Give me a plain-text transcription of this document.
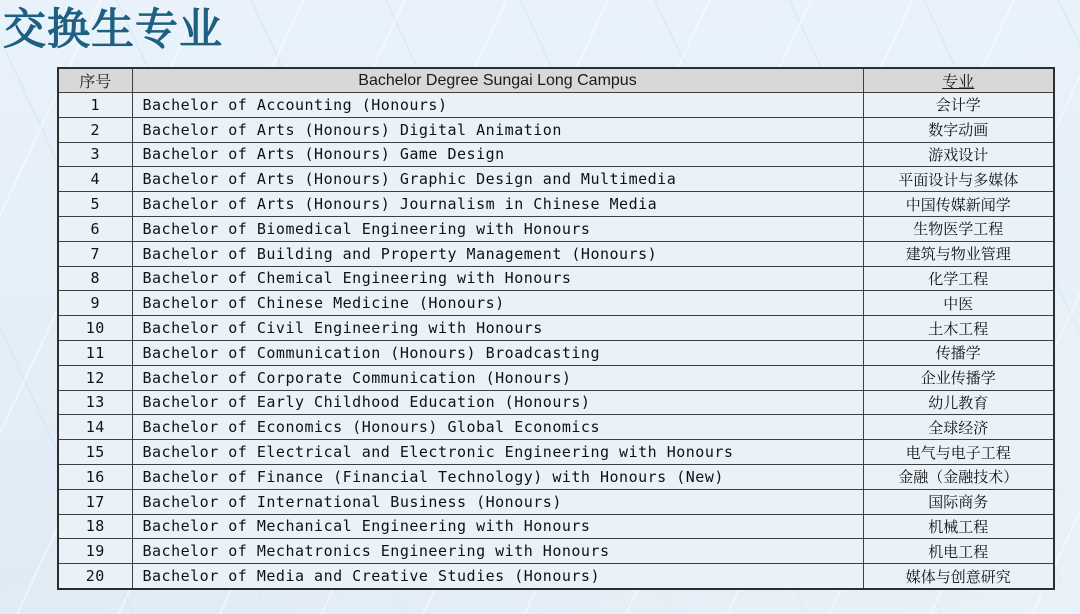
交换生专业
序号	Bachelor Degree Sungai Long Campus	专业
1	Bachelor of Accounting (Honours)	会计学
2	Bachelor of Arts (Honours) Digital Animation	数字动画
3	Bachelor of Arts (Honours) Game Design	游戏设计
4	Bachelor of Arts (Honours) Graphic Design and Multimedia	平面设计与多媒体
5	Bachelor of Arts (Honours) Journalism in Chinese Media	中国传媒新闻学
6	Bachelor of Biomedical Engineering with Honours	生物医学工程
7	Bachelor of Building and Property Management (Honours)	建筑与物业管理
8	Bachelor of Chemical Engineering with Honours	化学工程
9	Bachelor of Chinese Medicine (Honours)	中医
10	Bachelor of Civil Engineering with Honours	土木工程
11	Bachelor of Communication (Honours) Broadcasting	传播学
12	Bachelor of Corporate Communication (Honours)	企业传播学
13	Bachelor of Early Childhood Education (Honours)	幼儿教育
14	Bachelor of Economics (Honours) Global Economics	全球经济
15	Bachelor of Electrical and Electronic Engineering with Honours	电气与电子工程
16	Bachelor of Finance (Financial Technology) with Honours (New)	金融（金融技术）
17	Bachelor of International Business (Honours)	国际商务
18	Bachelor of Mechanical Engineering with Honours	机械工程
19	Bachelor of Mechatronics Engineering with Honours	机电工程
20	Bachelor of Media and Creative Studies (Honours)	媒体与创意研究
